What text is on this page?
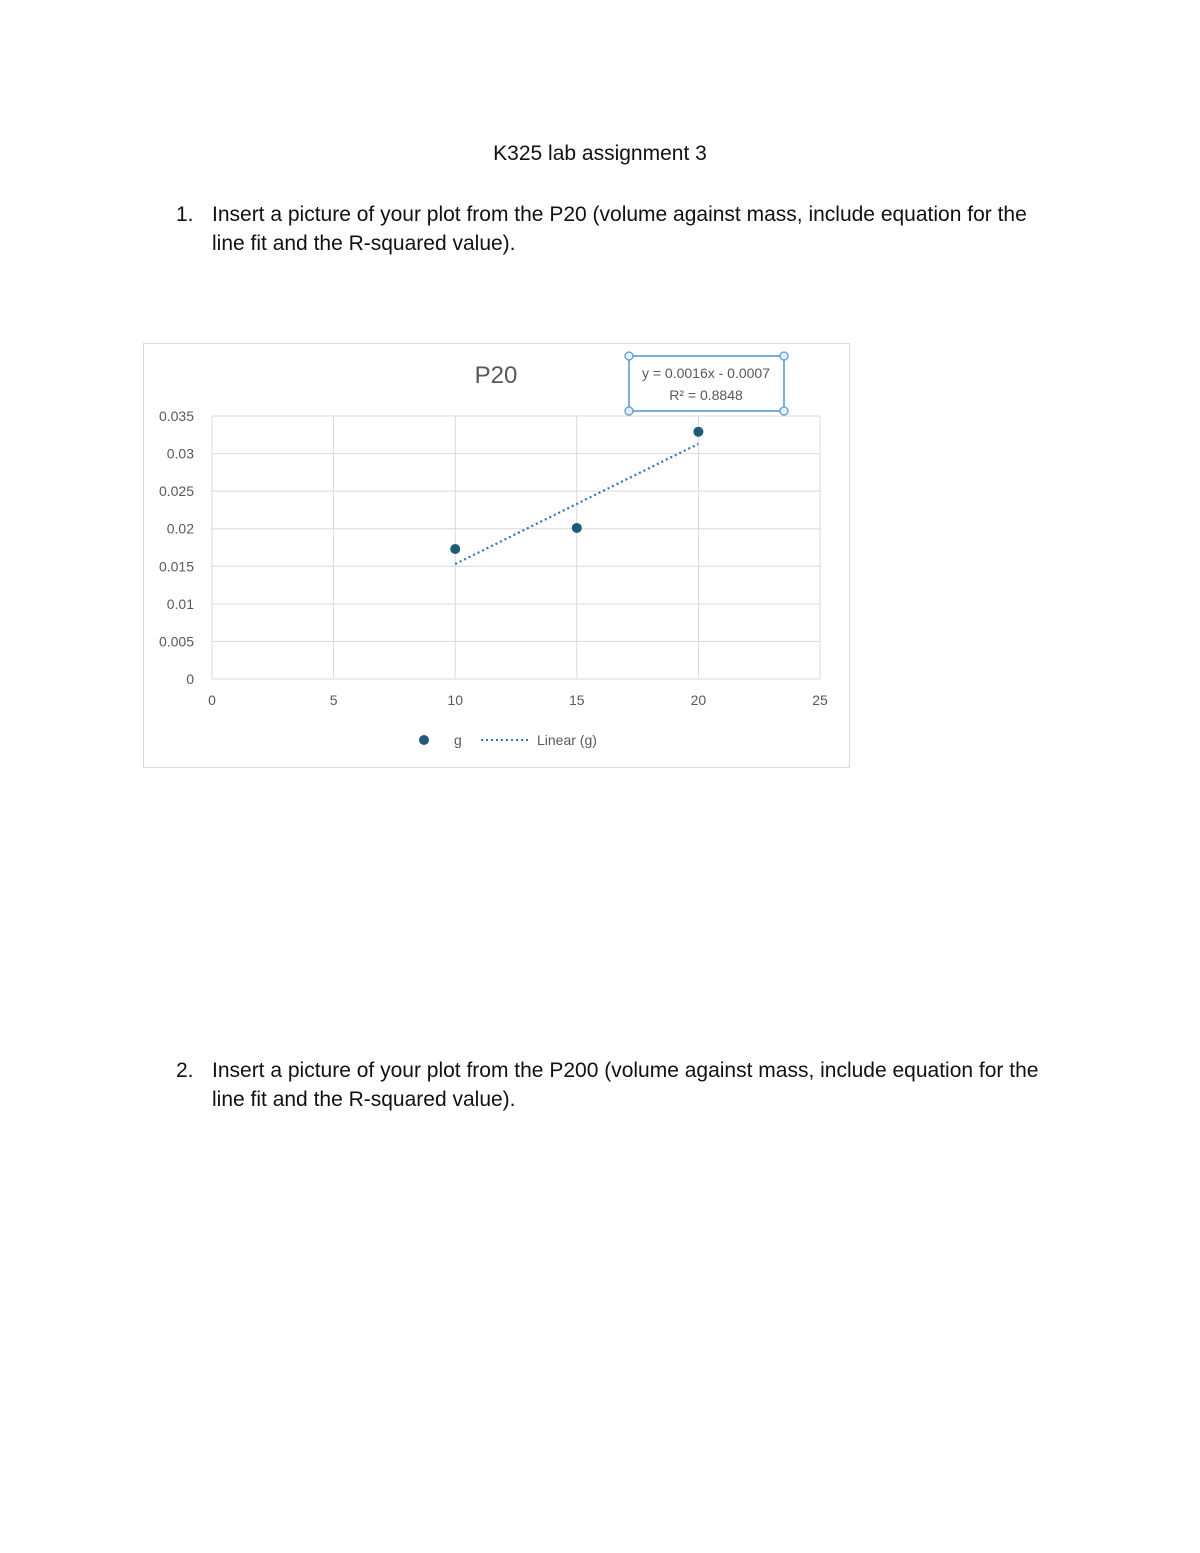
K325 lab assignment 3
1. Insert a picture of your plot from the P20 (volume against mass, include equation for the line fit and the R-squared value).
0
0.005
0.01
0.015
0.02
0.025
0.03
0.035
0	5	10	15	20	25
P20	y = 0.0016x - 0.0007
R² = 0.8848
g	Linear (g)
2. Insert a picture of your plot from the P200 (volume against mass, include equation for the line fit and the R-squared value).
